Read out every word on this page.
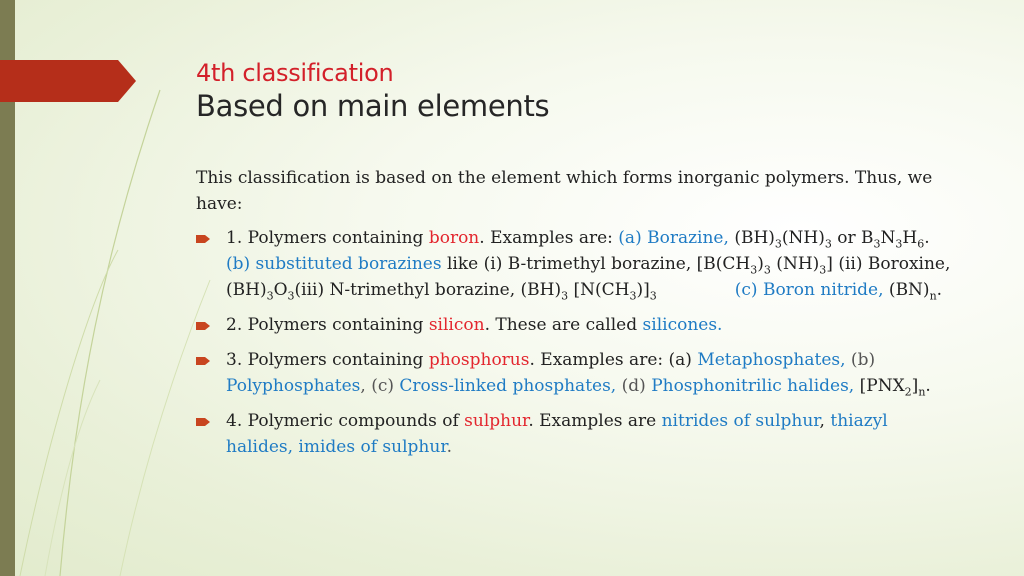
4th classification
Based on main elements

This classification is based on the element which forms inorganic polymers. Thus, we have:

1. Polymers containing boron. Examples are: (a) Borazine, $(BH)_3(NH)_3$ or $B_3N_3H_6$. (b) substituted borazines like (i) B-trimethyl borazine, [$B(CH_3)_3$ $(NH)_3$] (ii) Boroxine, $(BH)_3O_3(iii)$ N-trimethyl borazine, $(BH)_3$ $[N(CH_3)]_3$	(c) Boron nitride, $(BN)_n$.
2. Polymers containing silicon. These are called silicones.
3. Polymers containing phosphorus. Examples are: (a) Metaphosphates, (b) Polyphosphates, (c) Cross-linked phosphates, (d) Phosphonitrilic halides, $[PNX_2]_n$.
4. Polymeric compounds of sulphur. Examples are nitrides of sulphur, thiazyl halides, imides of sulphur.
